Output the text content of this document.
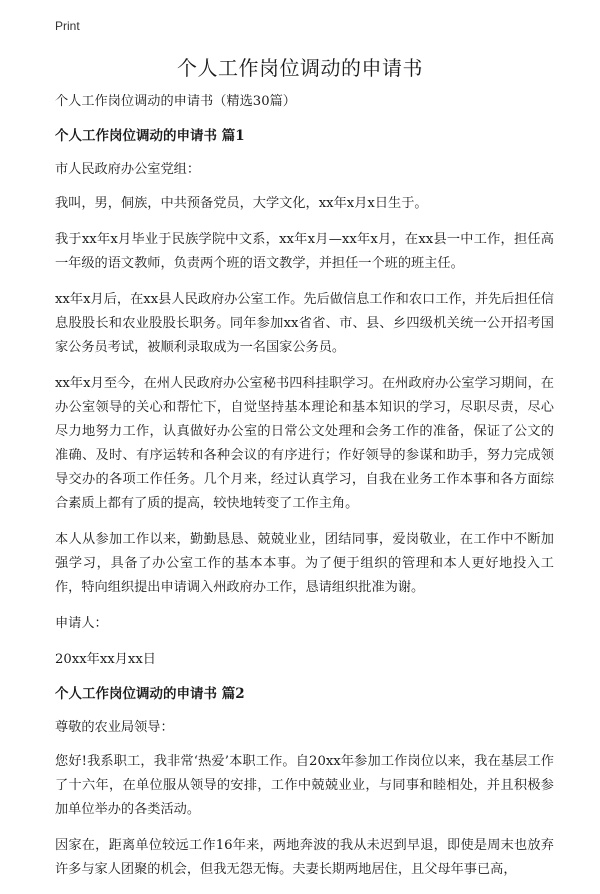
Print
个人工作岗位调动的申请书

个人工作岗位调动的申请书（精选30篇）

个人工作岗位调动的申请书 篇1

市人民政府办公室党组：

我叫，男，侗族，中共预备党员，大学文化，xx年x月x日生于。

我于xx年x月毕业于民族学院中文系，xx年x月—xx年x月，在xx县一中工作，担任高一年级的语文教师，负责两个班的语文教学，并担任一个班的班主任。

xx年x月后，在xx县人民政府办公室工作。先后做信息工作和农口工作，并先后担任信息股股长和农业股股长职务。同年参加xx省省、市、县、乡四级机关统一公开招考国家公务员考试，被顺利录取成为一名国家公务员。

xx年x月至今，在州人民政府办公室秘书四科挂职学习。在州政府办公室学习期间，在办公室领导的关心和帮忙下，自觉坚持基本理论和基本知识的学习，尽职尽责，尽心尽力地努力工作，认真做好办公室的日常公文处理和会务工作的准备，保证了公文的准确、及时、有序运转和各种会议的有序进行；作好领导的参谋和助手，努力完成领导交办的各项工作任务。几个月来，经过认真学习，自我在业务工作本事和各方面综合素质上都有了质的提高，较快地转变了工作主角。

本人从参加工作以来，勤勤恳恳、兢兢业业，团结同事，爱岗敬业，在工作中不断加强学习，具备了办公室工作的基本本事。为了便于组织的管理和本人更好地投入工作，特向组织提出申请调入州政府办工作，恳请组织批准为谢。

申请人：

20xx年xx月xx日

个人工作岗位调动的申请书 篇2

尊敬的农业局领导：

您好!我系职工，我非常‘热爱’本职工作。自20xx年参加工作岗位以来，我在基层工作了十六年，在单位服从领导的安排，工作中兢兢业业，与同事和睦相处，并且积极参加单位举办的各类活动。

因家在，距离单位较远工作16年来，两地奔波的我从未迟到早退，即使是周末也放弃许多与家人团聚的机会，但我无怨无悔。夫妻长期两地居住，且父母年事已高，
